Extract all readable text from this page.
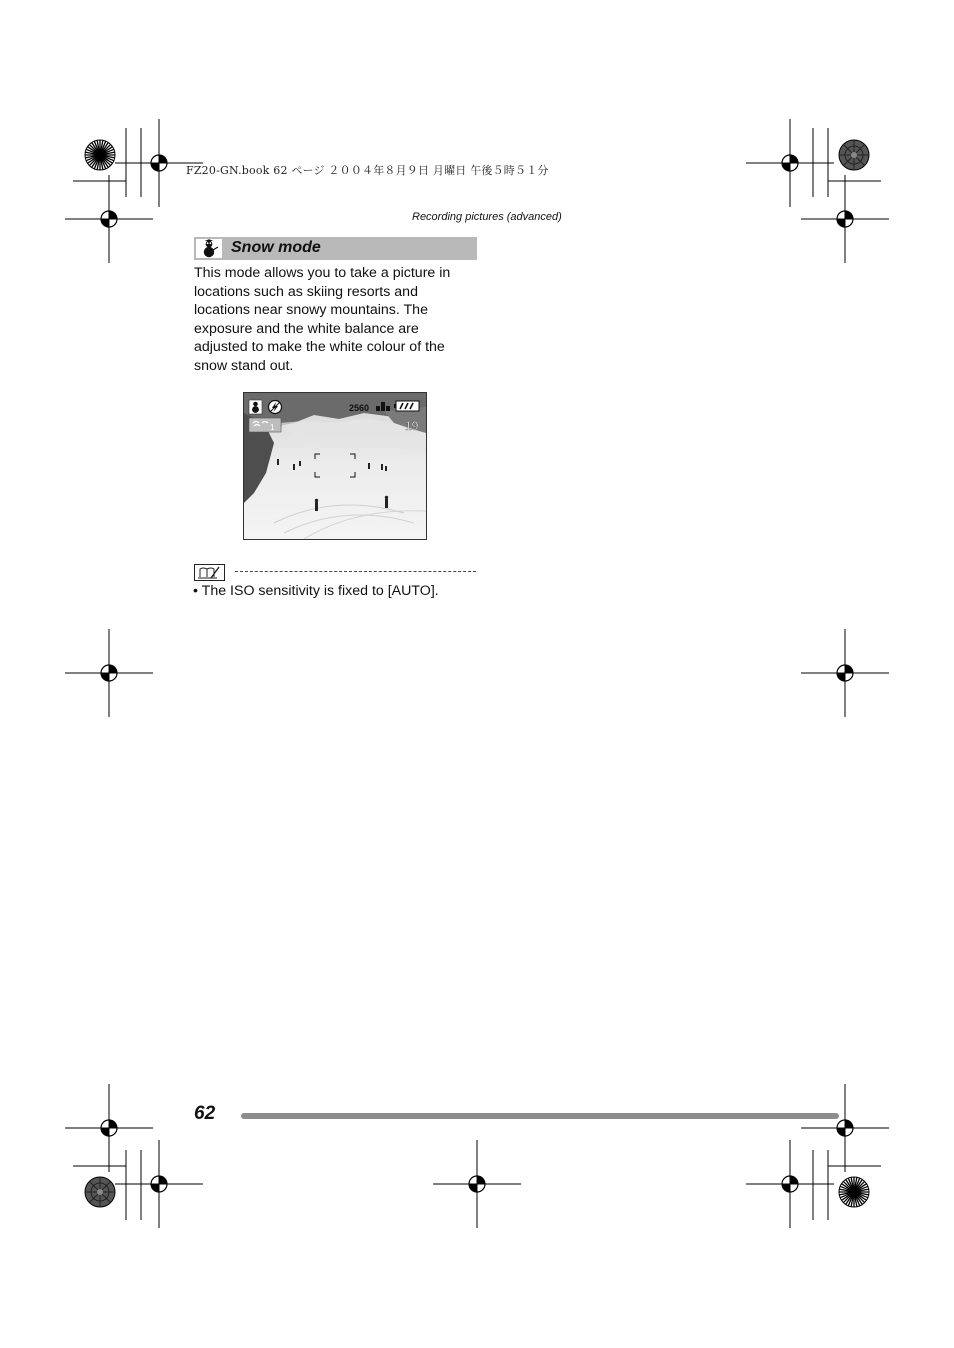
FZ20-GN.book 62 ページ ２００４年８月９日 月曜日 午後５時５１分
Recording pictures (advanced)
Snow mode
This mode allows you to take a picture in
locations such as skiing resorts and
locations near snowy mountains. The
exposure and the white balance are
adjusted to make the white colour of the
snow stand out.
2560
1	19
• The ISO sensitivity is fixed to [AUTO].
62
